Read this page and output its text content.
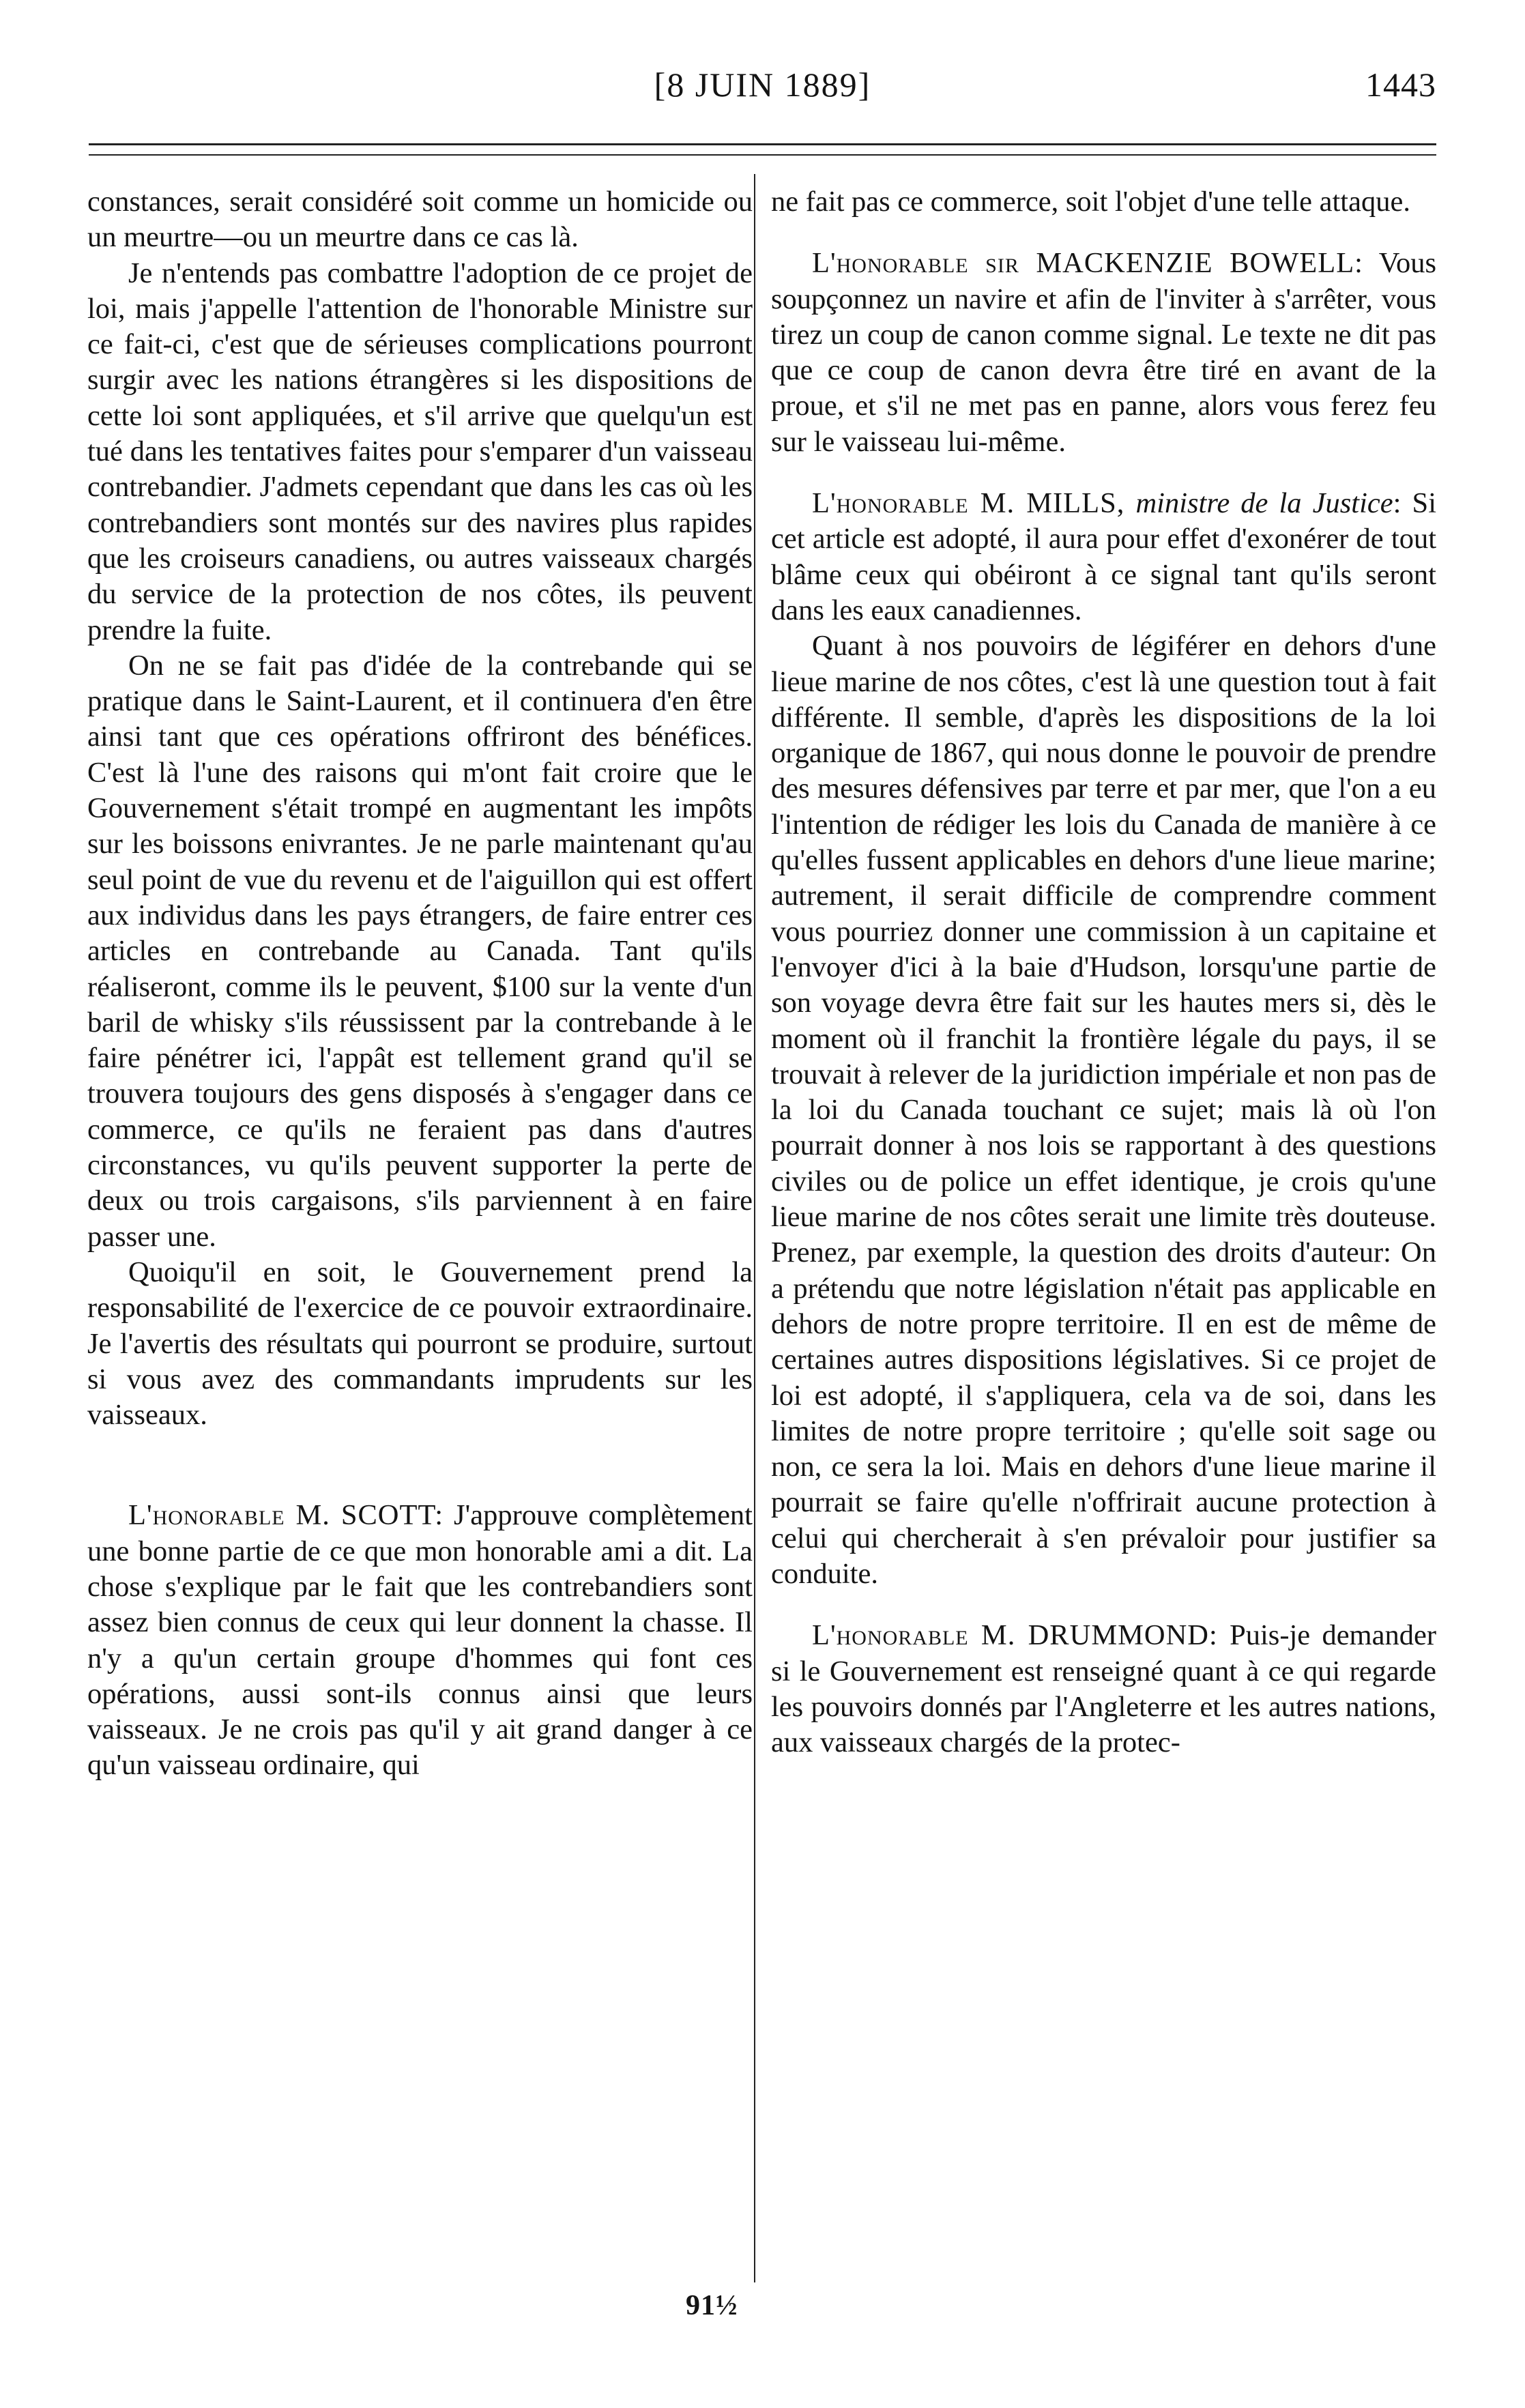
[8 JUIN 1889]	1443

constances, serait considéré soit comme un homicide ou un meurtre—ou un meurtre dans ce cas là.

Je n'entends pas combattre l'adoption de ce projet de loi, mais j'appelle l'attention de l'honorable Ministre sur ce fait-ci, c'est que de sérieuses complications pourront surgir avec les nations étrangères si les dispositions de cette loi sont appliquées, et s'il arrive que quelqu'un est tué dans les tentatives faites pour s'emparer d'un vaisseau contrebandier. J'admets cependant que dans les cas où les contrebandiers sont montés sur des navires plus rapides que les croiseurs canadiens, ou autres vaisseaux chargés du service de la protection de nos côtes, ils peuvent prendre la fuite.

On ne se fait pas d'idée de la contrebande qui se pratique dans le Saint-Laurent, et il continuera d'en être ainsi tant que ces opérations offriront des bénéfices. C'est là l'une des raisons qui m'ont fait croire que le Gouvernement s'était trompé en augmentant les impôts sur les boissons enivrantes. Je ne parle maintenant qu'au seul point de vue du revenu et de l'aiguillon qui est offert aux individus dans les pays étrangers, de faire entrer ces articles en contrebande au Canada. Tant qu'ils réaliseront, comme ils le peuvent, $100 sur la vente d'un baril de whisky s'ils réussissent par la contrebande à le faire pénétrer ici, l'appât est tellement grand qu'il se trouvera toujours des gens disposés à s'engager dans ce commerce, ce qu'ils ne feraient pas dans d'autres circonstances, vu qu'ils peuvent supporter la perte de deux ou trois cargaisons, s'ils parviennent à en faire passer une.

Quoiqu'il en soit, le Gouvernement prend la responsabilité de l'exercice de ce pouvoir extraordinaire. Je l'avertis des résultats qui pourront se produire, surtout si vous avez des commandants imprudents sur les vaisseaux.

L'honorable M. SCOTT: J'approuve complètement une bonne partie de ce que mon honorable ami a dit. La chose s'explique par le fait que les contrebandiers sont assez bien connus de ceux qui leur donnent la chasse. Il n'y a qu'un certain groupe d'hommes qui font ces opérations, aussi sont-ils connus ainsi que leurs vaisseaux. Je ne crois pas qu'il y ait grand danger à ce qu'un vaisseau ordinaire, qui

ne fait pas ce commerce, soit l'objet d'une telle attaque.

L'honorable sir MACKENZIE BOWELL: Vous soupçonnez un navire et afin de l'inviter à s'arrêter, vous tirez un coup de canon comme signal. Le texte ne dit pas que ce coup de canon devra être tiré en avant de la proue, et s'il ne met pas en panne, alors vous ferez feu sur le vaisseau lui-même.

L'honorable M. MILLS, ministre de la Justice: Si cet article est adopté, il aura pour effet d'exonérer de tout blâme ceux qui obéiront à ce signal tant qu'ils seront dans les eaux canadiennes.

Quant à nos pouvoirs de légiférer en dehors d'une lieue marine de nos côtes, c'est là une question tout à fait différente. Il semble, d'après les dispositions de la loi organique de 1867, qui nous donne le pouvoir de prendre des mesures défensives par terre et par mer, que l'on a eu l'intention de rédiger les lois du Canada de manière à ce qu'elles fussent applicables en dehors d'une lieue marine; autrement, il serait difficile de comprendre comment vous pourriez donner une commission à un capitaine et l'envoyer d'ici à la baie d'Hudson, lorsqu'une partie de son voyage devra être fait sur les hautes mers si, dès le moment où il franchit la frontière légale du pays, il se trouvait à relever de la juridiction impériale et non pas de la loi du Canada touchant ce sujet; mais là où l'on pourrait donner à nos lois se rapportant à des questions civiles ou de police un effet identique, je crois qu'une lieue marine de nos côtes serait une limite très douteuse. Prenez, par exemple, la question des droits d'auteur: On a prétendu que notre législation n'était pas applicable en dehors de notre propre territoire. Il en est de même de certaines autres dispositions législatives. Si ce projet de loi est adopté, il s'appliquera, cela va de soi, dans les limites de notre propre territoire ; qu'elle soit sage ou non, ce sera la loi. Mais en dehors d'une lieue marine il pourrait se faire qu'elle n'offrirait aucune protection à celui qui chercherait à s'en prévaloir pour justifier sa conduite.

L'honorable M. DRUMMOND: Puis-je demander si le Gouvernement est renseigné quant à ce qui regarde les pouvoirs donnés par l'Angleterre et les autres nations, aux vaisseaux chargés de la protec-

91½
